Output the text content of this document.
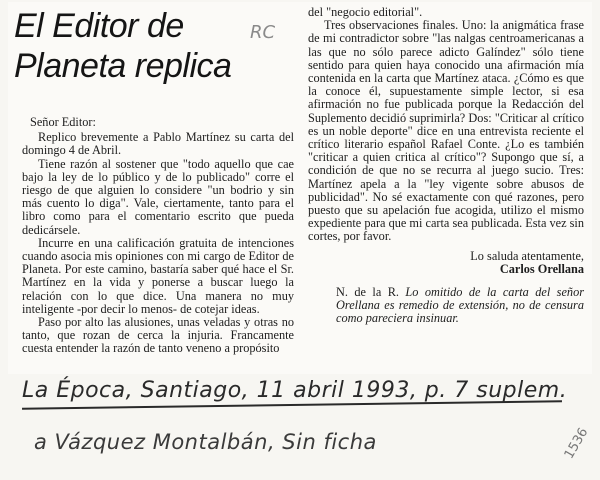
El Editor de
Planeta replica
RC

Señor Editor:

Replico brevemente a Pablo Martínez su carta del domingo 4 de Abril.

Tiene razón al sostener que "todo aquello que cae bajo la ley de lo público y de lo publicado" corre el riesgo de que alguien lo considere "un bodrio y sin más cuento lo diga". Vale, ciertamente, tanto para el libro como para el comentario escrito que pueda dedicársele.

Incurre en una calificación gratuita de intenciones cuando asocia mis opiniones con mi cargo de Editor de Planeta. Por este camino, bastaría saber qué hace el Sr. Martínez en la vida y ponerse a buscar luego la relación con lo que dice. Una manera no muy inteligente -por decir lo menos- de cotejar ideas.

Paso por alto las alusiones, unas veladas y otras no tanto, que rozan de cerca la injuria. Francamente cuesta entender la razón de tanto veneno a propósito

del "negocio editorial".

Tres observaciones finales. Uno: la anigmática frase de mi contradictor sobre "las nalgas centroamericanas a las que no sólo parece adicto Galíndez" sólo tiene sentido para quien haya conocido una afirmación mía contenida en la carta que Martínez ataca. ¿Cómo es que la conoce él, supuestamente simple lector, si esa afirmación no fue publicada porque la Redacción del Suplemento decidió suprimirla? Dos: "Criticar al crítico es un noble deporte" dice en una entrevista reciente el crítico literario español Rafael Conte. ¿Lo es también "criticar a quien critica al crítico"? Supongo que sí, a condición de que no se recurra al juego sucio. Tres: Martínez apela a la "ley vigente sobre abusos de publicidad". No sé exactamente con qué razones, pero puesto que su apelación fue acogida, utilizo el mismo expediente para que mi carta sea publicada. Esta vez sin cortes, por favor.

Lo saluda atentamente,

Carlos Orellana

N. de la R. Lo omitido de la carta del señor Orellana es remedio de extensión, no de censura como pareciera insinuar.

La Época, Santiago, 11 abril 1993, p. 7 suplem.
a Vázquez Montalbán, Sin ficha	1536
